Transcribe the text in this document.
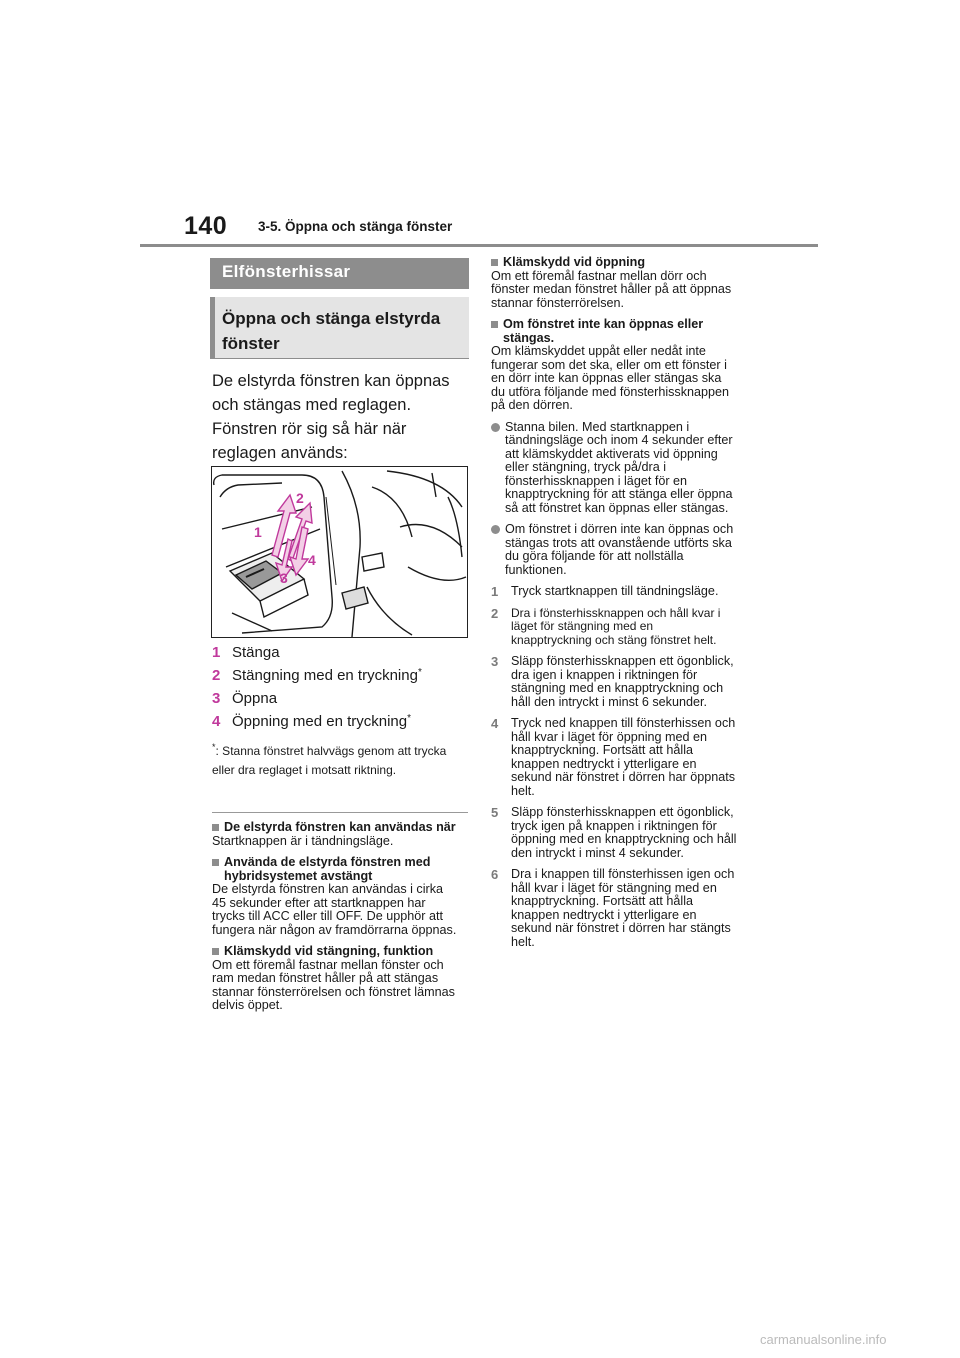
140 3-5. Öppna och stänga fönster
Elfönsterhissar
Öppna och stänga elstyrda fönster

De elstyrda fönstren kan öppnas och stängas med reglagen.

Fönstren rör sig så här när reglagen används:

1
2
3
4
1 Stänga
2 Stängning med en tryckning *
3 Öppna
4 Öppning med en tryckning *
*: Stanna fönstret halvvägs genom att trycka eller dra reglaget i motsatt riktning.
De elstyrda fönstren kan användas när
Startknappen är i tändningsläge.
Använda de elstyrda fönstren med hybridsystemet avstängt
De elstyrda fönstren kan användas i cirka 45 sekunder efter att startknappen har trycks till ACC eller till OFF. De upphör att fungera när någon av framdörrarna öppnas.
Klämskydd vid stängning, funktion
Om ett föremål fastnar mellan fönster och ram medan fönstret håller på att stängas stannar fönsterrörelsen och fönstret lämnas delvis öppet.
Klämskydd vid öppning
Om ett föremål fastnar mellan dörr och fönster medan fönstret håller på att öppnas stannar fönsterrörelsen.
Om fönstret inte kan öppnas eller stängas.
Om klämskyddet uppåt eller nedåt inte fungerar som det ska, eller om ett fönster i en dörr inte kan öppnas eller stängas ska du utföra följande med fönsterhissknappen på den dörren.
Stanna bilen. Med startknappen i tändningsläge och inom 4 sekunder efter att klämskyddet aktiverats vid öppning eller stängning, tryck på/dra i fönsterhissknappen i läget för en knapptryckning för att stänga eller öppna så att fönstret kan öppnas eller stängas.
Om fönstret i dörren inte kan öppnas och stängas trots att ovanstående utförts ska du göra följande för att nollställa funktionen.
1	Tryck startknappen till tändningsläge.
2	Dra i fönsterhissknappen och håll kvar i läget för stängning med en knapptryckning och stäng fönstret helt.
3	Släpp fönsterhissknappen ett ögonblick, dra igen i knappen i riktningen för stängning med en knapptryckning och håll den intryckt i minst 6 sekunder.
4	Tryck ned knappen till fönsterhissen och håll kvar i läget för öppning med en knapptryckning. Fortsätt att hålla knappen nedtryckt i ytterligare en sekund när fönstret i dörren har öppnats helt.
5	Släpp fönsterhissknappen ett ögonblick, tryck igen på knappen i riktningen för öppning med en knapptryckning och håll den intryckt i minst 4 sekunder.
6	Dra i knappen till fönsterhissen igen och håll kvar i läget för stängning med en knapptryckning. Fortsätt att hålla knappen nedtryckt i ytterligare en sekund när fönstret i dörren har stängts helt.
carmanualsonline.info
